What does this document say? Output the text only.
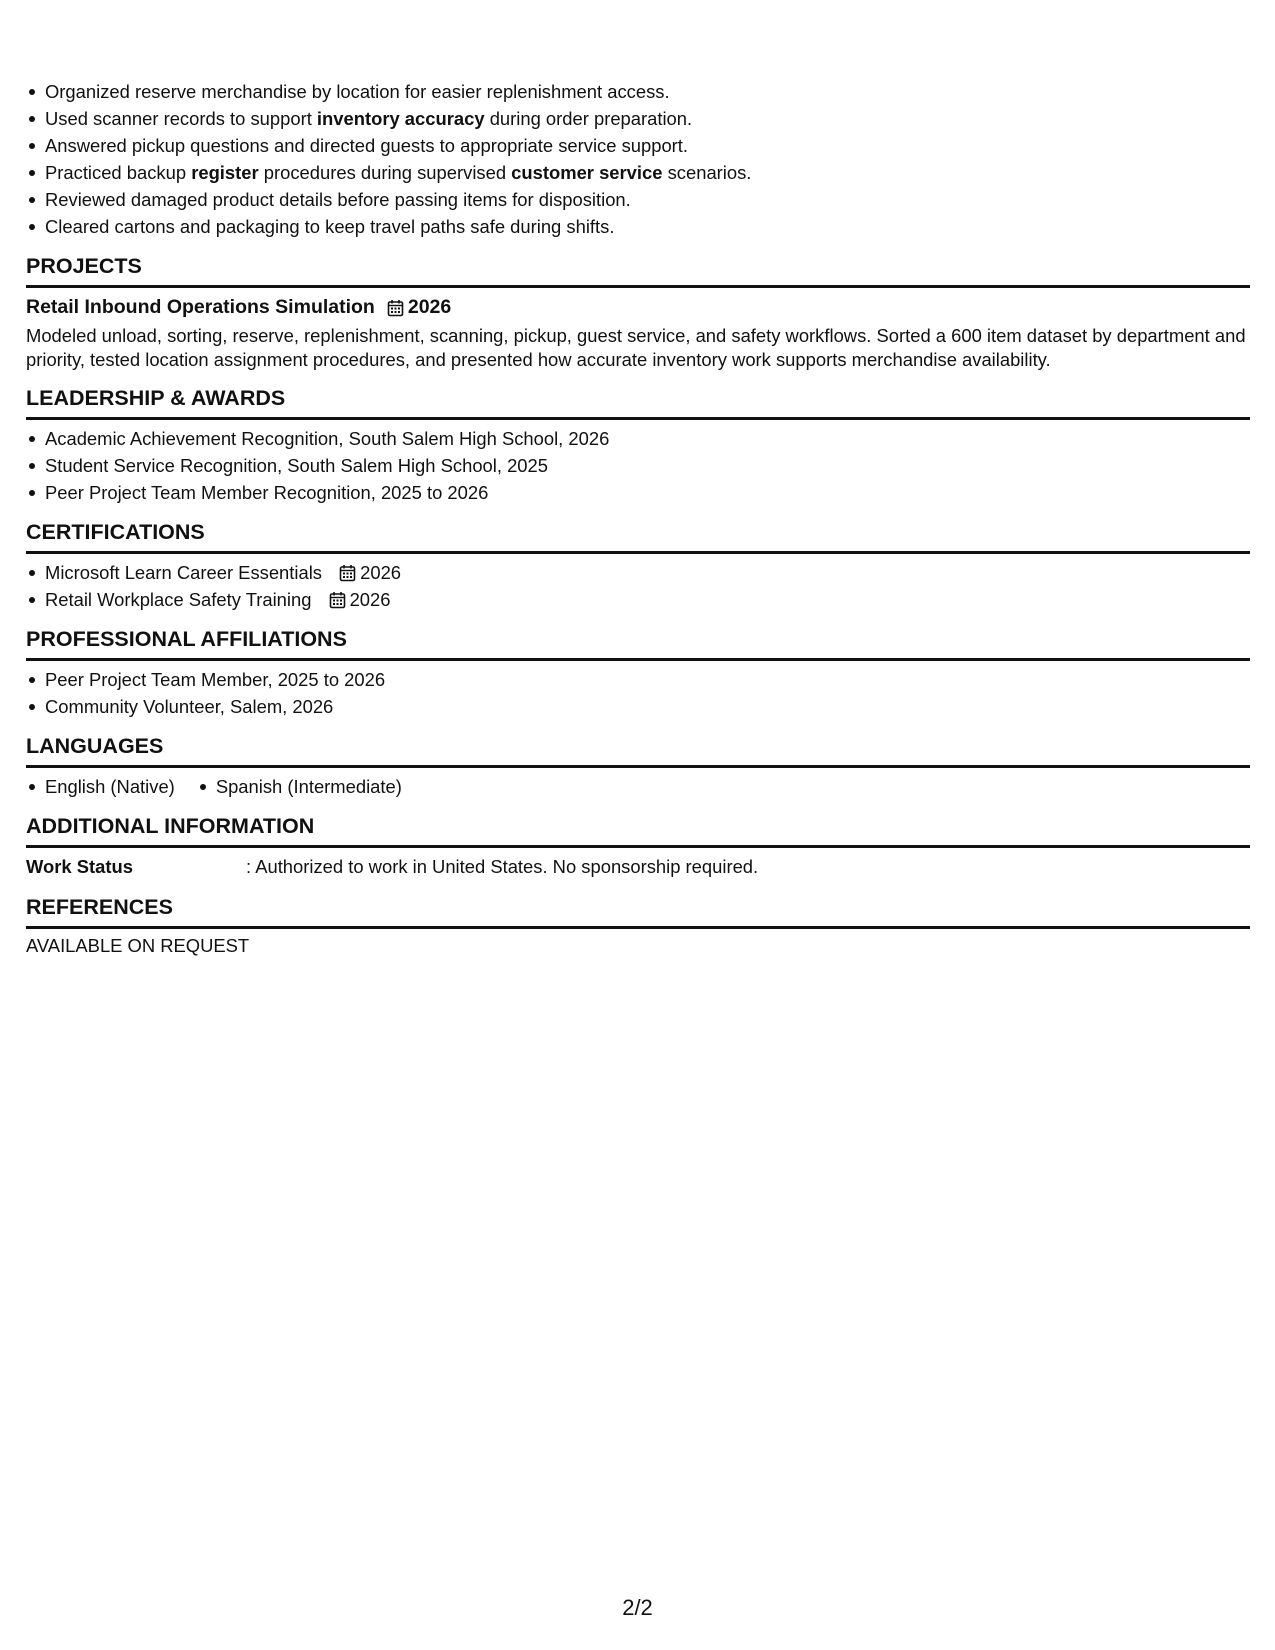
Organized reserve merchandise by location for easier replenishment access.
Used scanner records to support inventory accuracy during order preparation.
Answered pickup questions and directed guests to appropriate service support.
Practiced backup register procedures during supervised customer service scenarios.
Reviewed damaged product details before passing items for disposition.
Cleared cartons and packaging to keep travel paths safe during shifts.
PROJECTS
Retail Inbound Operations Simulation 2026
Modeled unload, sorting, reserve, replenishment, scanning, pickup, guest service, and safety workflows. Sorted a 600 item dataset by department and priority, tested location assignment procedures, and presented how accurate inventory work supports merchandise availability.
LEADERSHIP & AWARDS
Academic Achievement Recognition, South Salem High School, 2026
Student Service Recognition, South Salem High School, 2025
Peer Project Team Member Recognition, 2025 to 2026
CERTIFICATIONS
Microsoft Learn Career Essentials 2026
Retail Workplace Safety Training 2026
PROFESSIONAL AFFILIATIONS
Peer Project Team Member, 2025 to 2026
Community Volunteer, Salem, 2026
LANGUAGES
English (Native)	Spanish (Intermediate)
ADDITIONAL INFORMATION
Work Status	: Authorized to work in United States. No sponsorship required.
REFERENCES
AVAILABLE ON REQUEST
2/2
